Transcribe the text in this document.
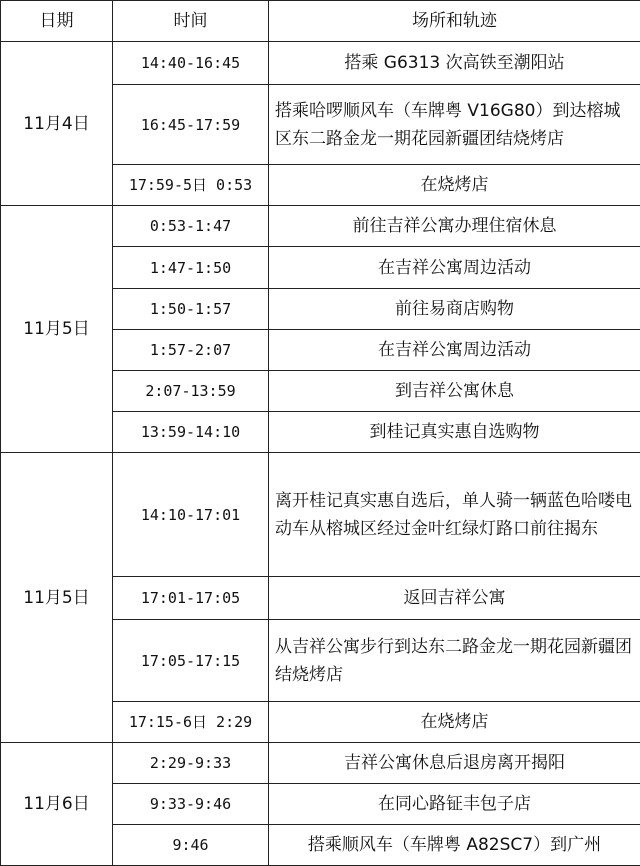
日期	时间	场所和轨迹
11月4日	14:40-16:45	搭乘 G6313 次高铁至潮阳站
	16:45-17:59	搭乘哈啰顺风车（车牌粤 V16G80）到达榕城区东二路金龙一期花园新疆团结烧烤店
	17:59-5日 0:53	在烧烤店
11月5日	0:53-1:47	前往吉祥公寓办理住宿休息
	1:47-1:50	在吉祥公寓周边活动
	1:50-1:57	前往易商店购物
	1:57-2:07	在吉祥公寓周边活动
	2:07-13:59	到吉祥公寓休息
	13:59-14:10	到桂记真实惠自选购物
11月5日	14:10-17:01	离开桂记真实惠自选后，单人骑一辆蓝色哈喽电动车从榕城区经过金叶红绿灯路口前往揭东
	17:01-17:05	返回吉祥公寓
	17:05-17:15	从吉祥公寓步行到达东二路金龙一期花园新疆团结烧烤店
	17:15-6日 2:29	在烧烤店
11月6日	2:29-9:33	吉祥公寓休息后退房离开揭阳
	9:33-9:46	在同心路钲丰包子店
	9:46	搭乘顺风车（车牌粤 A82SC7）到广州
